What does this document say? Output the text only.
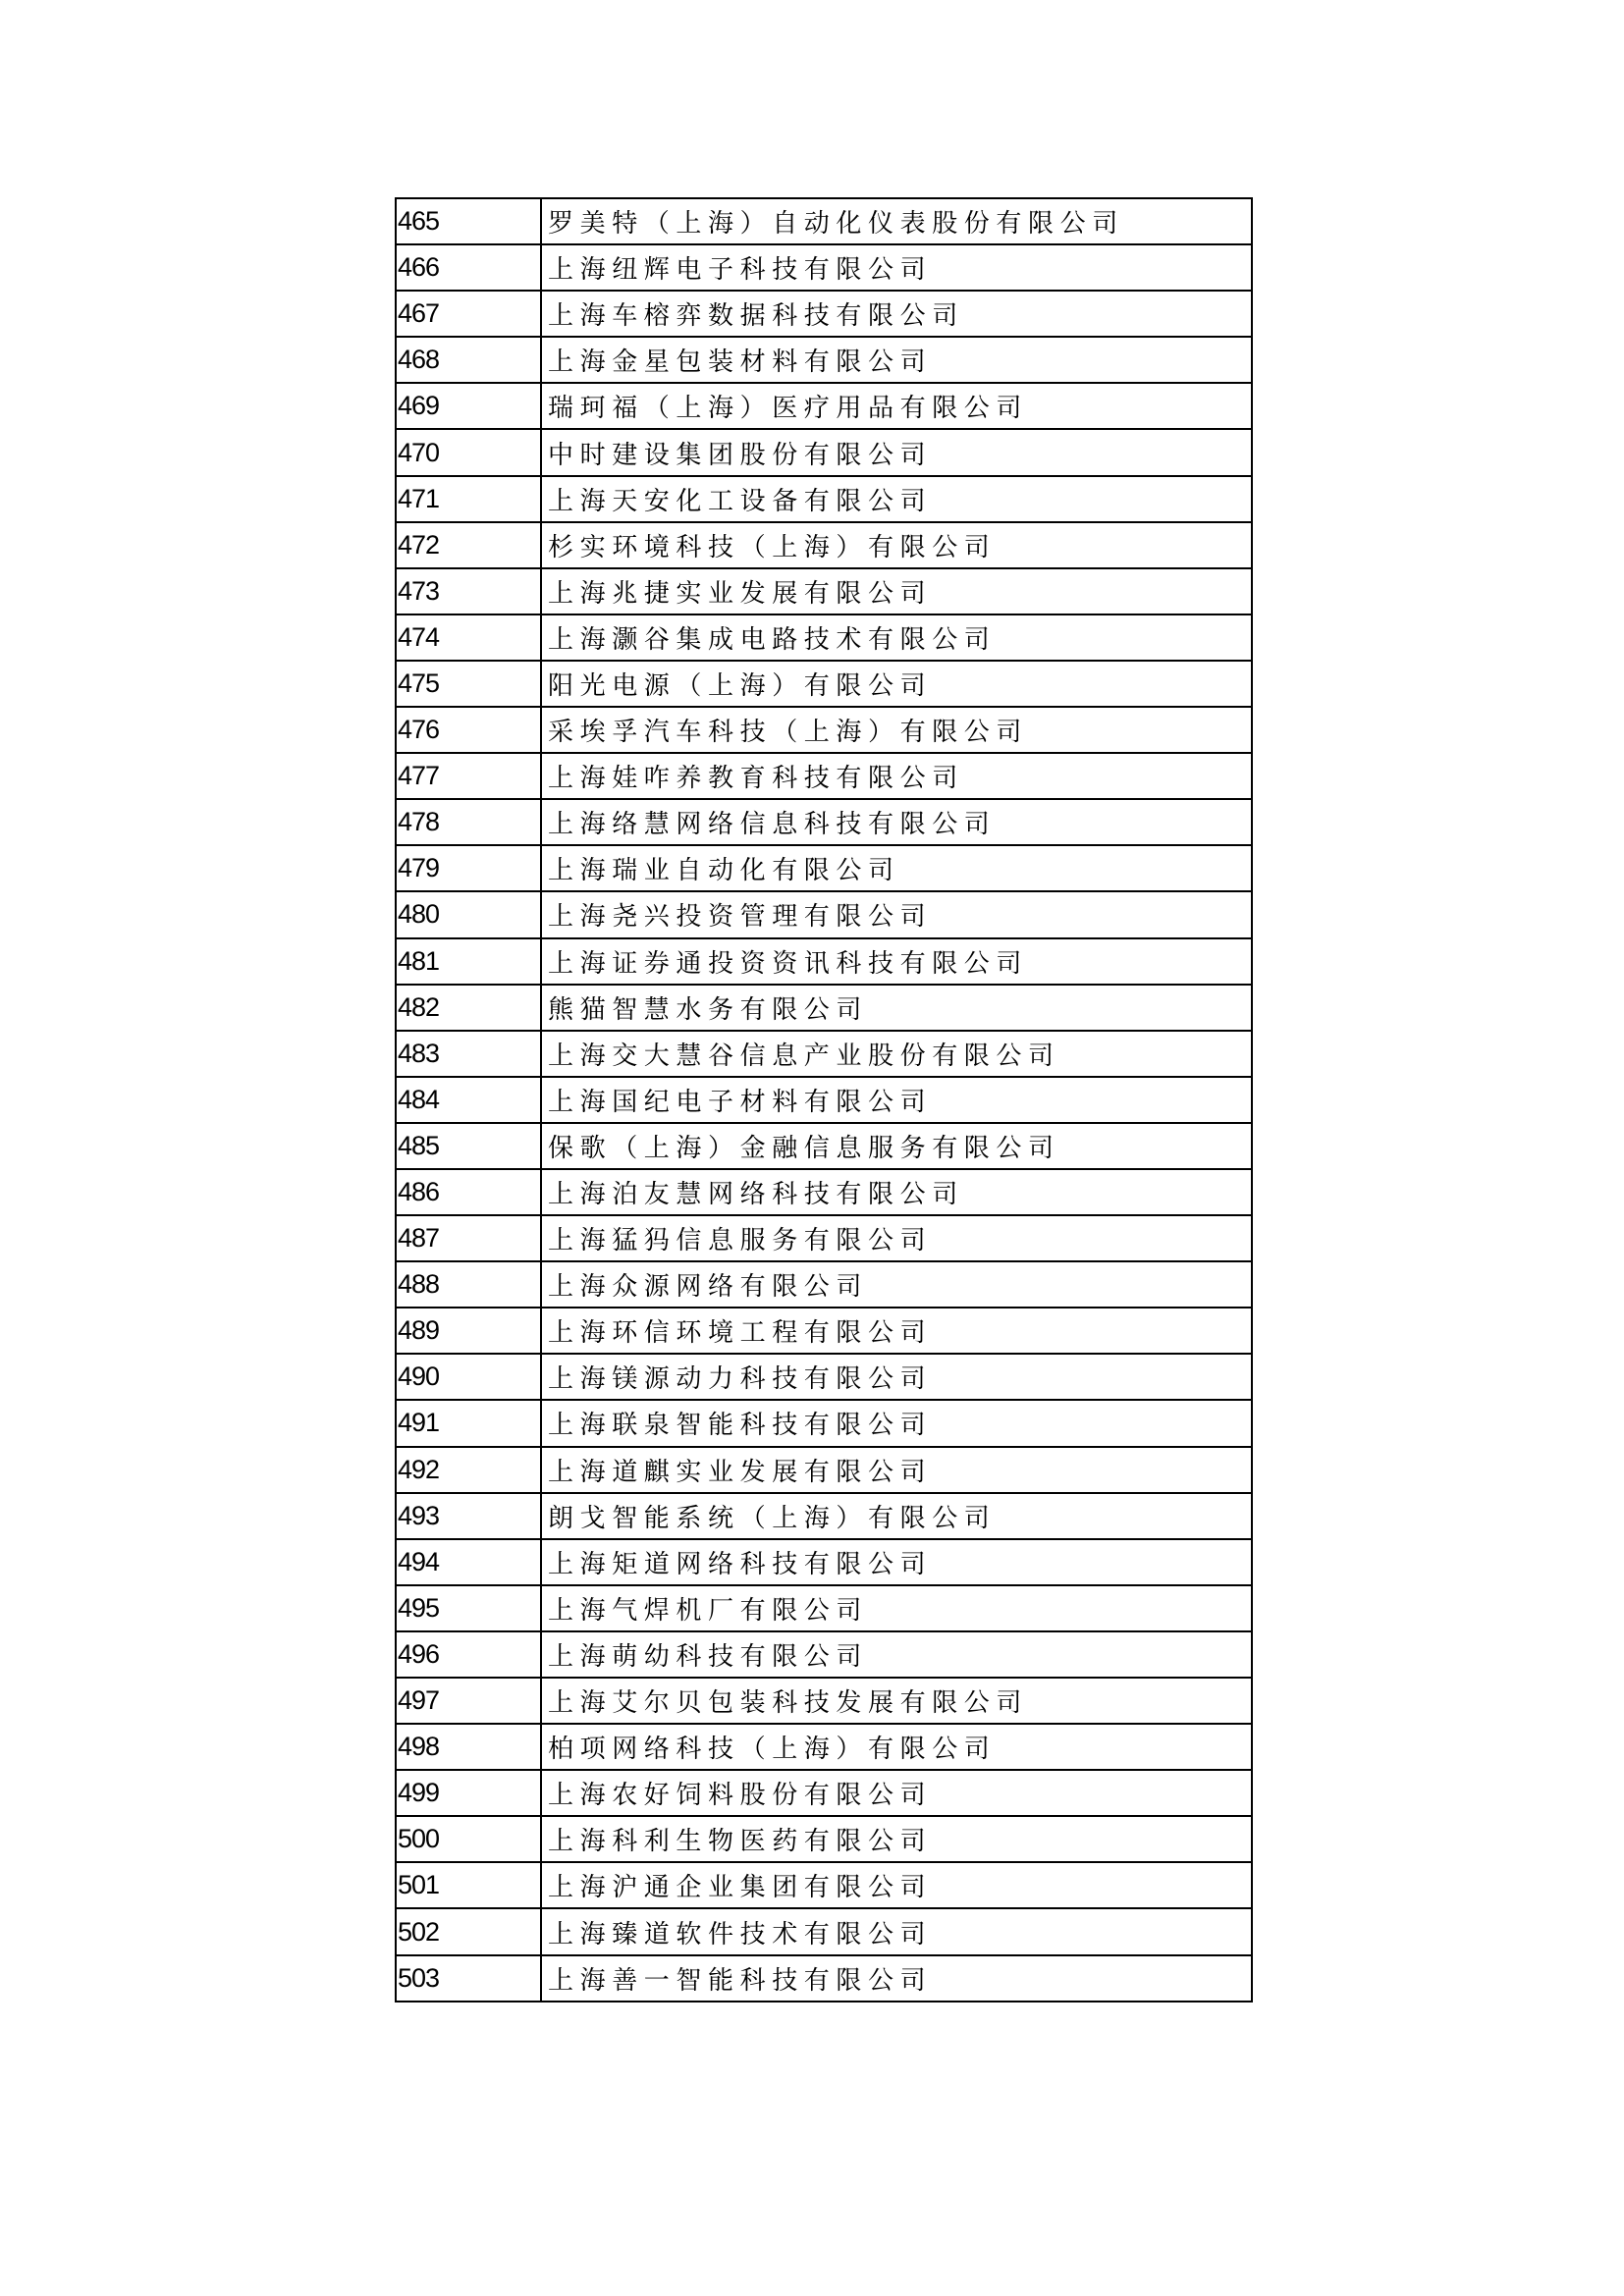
465	罗美特（上海）自动化仪表股份有限公司
466	上海纽辉电子科技有限公司
467	上海车榕弈数据科技有限公司
468	上海金星包装材料有限公司
469	瑞珂福（上海）医疗用品有限公司
470	中时建设集团股份有限公司
471	上海天安化工设备有限公司
472	杉实环境科技（上海）有限公司
473	上海兆捷实业发展有限公司
474	上海灏谷集成电路技术有限公司
475	阳光电源（上海）有限公司
476	采埃孚汽车科技（上海）有限公司
477	上海娃咋养教育科技有限公司
478	上海络慧网络信息科技有限公司
479	上海瑞业自动化有限公司
480	上海尧兴投资管理有限公司
481	上海证券通投资资讯科技有限公司
482	熊猫智慧水务有限公司
483	上海交大慧谷信息产业股份有限公司
484	上海国纪电子材料有限公司
485	保歌（上海）金融信息服务有限公司
486	上海泊友慧网络科技有限公司
487	上海猛犸信息服务有限公司
488	上海众源网络有限公司
489	上海环信环境工程有限公司
490	上海镁源动力科技有限公司
491	上海联泉智能科技有限公司
492	上海道麒实业发展有限公司
493	朗戈智能系统（上海）有限公司
494	上海矩道网络科技有限公司
495	上海气焊机厂有限公司
496	上海萌幼科技有限公司
497	上海艾尔贝包装科技发展有限公司
498	柏项网络科技（上海）有限公司
499	上海农好饲料股份有限公司
500	上海科利生物医药有限公司
501	上海沪通企业集团有限公司
502	上海臻道软件技术有限公司
503	上海善一智能科技有限公司
